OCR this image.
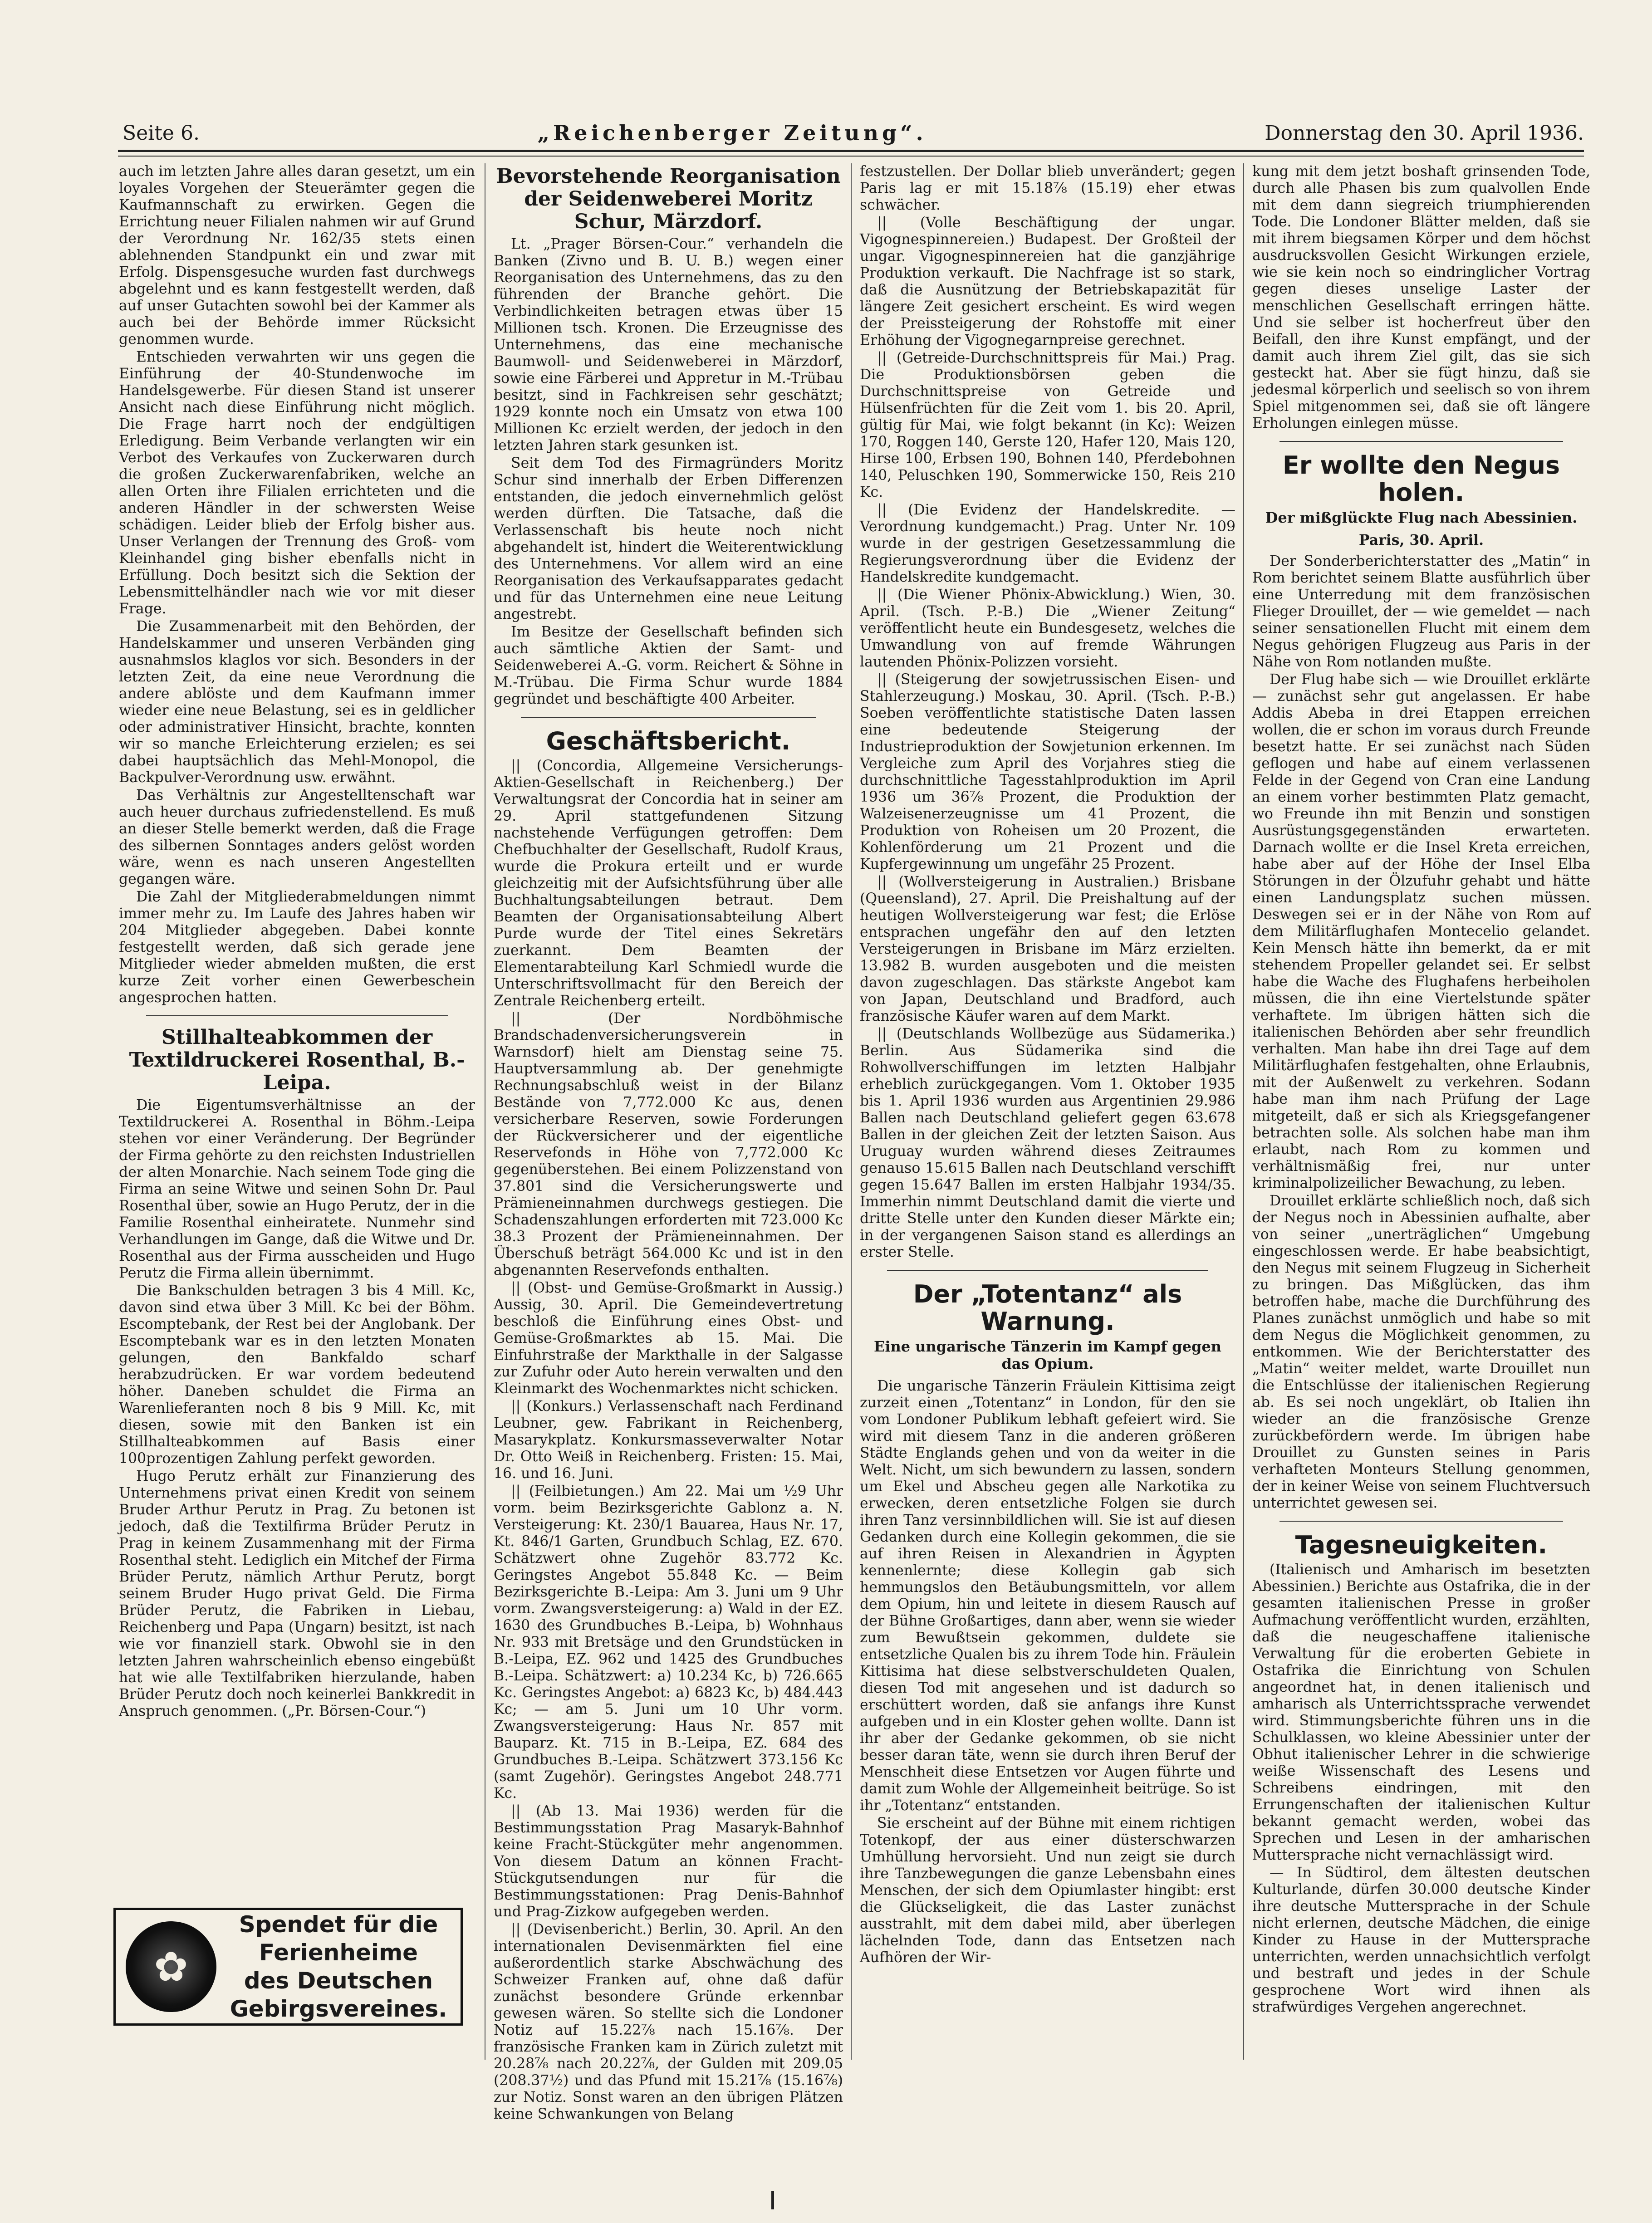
Seite 6.	„Reichenberger Zeitung“.	Donnerstag den 30. April 1936.

auch im letzten Jahre alles daran gesetzt, um ein loyales Vorgehen der Steuerämter gegen die Kaufmannschaft zu erwirken. Gegen die Errichtung neuer Filialen nahmen wir auf Grund der Verordnung Nr. 162/35 stets einen ablehnenden Standpunkt ein und zwar mit Erfolg. Dispensgesuche wurden fast durchwegs abgelehnt und es kann festgestellt werden, daß auf unser Gutachten sowohl bei der Kammer als auch bei der Behörde immer Rücksicht genommen wurde.

Entschieden verwahrten wir uns gegen die Einführung der 40-Stundenwoche im Handelsgewerbe. Für diesen Stand ist unserer Ansicht nach diese Einführung nicht möglich. Die Frage harrt noch der endgültigen Erledigung. Beim Verbande verlangten wir ein Verbot des Verkaufes von Zuckerwaren durch die großen Zuckerwarenfabriken, welche an allen Orten ihre Filialen errichteten und die anderen Händler in der schwersten Weise schädigen. Leider blieb der Erfolg bisher aus. Unser Verlangen der Trennung des Groß- vom Kleinhandel ging bisher ebenfalls nicht in Erfüllung. Doch besitzt sich die Sektion der Lebensmittelhändler nach wie vor mit dieser Frage.

Die Zusammenarbeit mit den Behörden, der Handelskammer und unseren Verbänden ging ausnahmslos klaglos vor sich. Besonders in der letzten Zeit, da eine neue Verordnung die andere ablöste und dem Kaufmann immer wieder eine neue Belastung, sei es in geldlicher oder administrativer Hinsicht, brachte, konnten wir so manche Erleichterung erzielen; es sei dabei hauptsächlich das Mehl-Monopol, die Backpulver-Verordnung usw. erwähnt.

Das Verhältnis zur Angestelltenschaft war auch heuer durchaus zufriedenstellend. Es muß an dieser Stelle bemerkt werden, daß die Frage des silbernen Sonntages anders gelöst worden wäre, wenn es nach unseren Angestellten gegangen wäre.

Die Zahl der Mitgliederabmeldungen nimmt immer mehr zu. Im Laufe des Jahres haben wir 204 Mitglieder abgegeben. Dabei konnte festgestellt werden, daß sich gerade jene Mitglieder wieder abmelden mußten, die erst kurze Zeit vorher einen Gewerbeschein angesprochen hatten.

Stillhalteabkommen der Textildruckerei Rosenthal, B.-Leipa.

Die Eigentumsverhältnisse an der Textildruckerei A. Rosenthal in Böhm.-Leipa stehen vor einer Veränderung. Der Begründer der Firma gehörte zu den reichsten Industriellen der alten Monarchie. Nach seinem Tode ging die Firma an seine Witwe und seinen Sohn Dr. Paul Rosenthal über, sowie an Hugo Perutz, der in die Familie Rosenthal einheiratete. Nunmehr sind Verhandlungen im Gange, daß die Witwe und Dr. Rosenthal aus der Firma ausscheiden und Hugo Perutz die Firma allein übernimmt.

Die Bankschulden betragen 3 bis 4 Mill. Kc, davon sind etwa über 3 Mill. Kc bei der Böhm. Escomptebank, der Rest bei der Anglobank. Der Escomptebank war es in den letzten Monaten gelungen, den Bankfaldo scharf herabzudrücken. Er war vordem bedeutend höher. Daneben schuldet die Firma an Warenlieferanten noch 8 bis 9 Mill. Kc, mit diesen, sowie mit den Banken ist ein Stillhalteabkommen auf Basis einer 100prozentigen Zahlung perfekt geworden.

Hugo Perutz erhält zur Finanzierung des Unternehmens privat einen Kredit von seinem Bruder Arthur Perutz in Prag. Zu betonen ist jedoch, daß die Textilfirma Brüder Perutz in Prag in keinem Zusammenhang mit der Firma Rosenthal steht. Lediglich ein Mitchef der Firma Brüder Perutz, nämlich Arthur Perutz, borgt seinem Bruder Hugo privat Geld. Die Firma Brüder Perutz, die Fabriken in Liebau, Reichenberg und Papa (Ungarn) besitzt, ist nach wie vor finanziell stark. Obwohl sie in den letzten Jahren wahrscheinlich ebenso eingebüßt hat wie alle Textilfabriken hierzulande, haben Brüder Perutz doch noch keinerlei Bankkredit in Anspruch genommen. („Pr. Börsen-Cour.“)

✿
Spendet für die
Ferienheime
des Deutschen
Gebirgsvereines.
Bevorstehende Reorganisation der Seidenweberei Moritz Schur, Märzdorf.

Lt. „Prager Börsen-Cour.“ verhandeln die Banken (Zivno und B. U. B.) wegen einer Reorganisation des Unternehmens, das zu den führenden der Branche gehört. Die Verbindlichkeiten betragen etwas über 15 Millionen tsch. Kronen. Die Erzeugnisse des Unternehmens, das eine mechanische Baumwoll- und Seidenweberei in Märzdorf, sowie eine Färberei und Appretur in M.-Trübau besitzt, sind in Fachkreisen sehr geschätzt; 1929 konnte noch ein Umsatz von etwa 100 Millionen Kc erzielt werden, der jedoch in den letzten Jahren stark gesunken ist.

Seit dem Tod des Firmagründers Moritz Schur sind innerhalb der Erben Differenzen entstanden, die jedoch einvernehmlich gelöst werden dürften. Die Tatsache, daß die Verlassenschaft bis heute noch nicht abgehandelt ist, hindert die Weiterentwicklung des Unternehmens. Vor allem wird an eine Reorganisation des Verkaufsapparates gedacht und für das Unternehmen eine neue Leitung angestrebt.

Im Besitze der Gesellschaft befinden sich auch sämtliche Aktien der Samt- und Seidenweberei A.-G. vorm. Reichert & Söhne in M.-Trübau. Die Firma Schur wurde 1884 gegründet und beschäftigte 400 Arbeiter.

Geschäftsbericht.

|| (Concordia, Allgemeine Versicherungs-Aktien-Gesellschaft in Reichenberg.) Der Verwaltungsrat der Concordia hat in seiner am 29. April stattgefundenen Sitzung nachstehende Verfügungen getroffen: Dem Chefbuchhalter der Gesellschaft, Rudolf Kraus, wurde die Prokura erteilt und er wurde gleichzeitig mit der Aufsichtsführung über alle Buchhaltungsabteilungen betraut. Dem Beamten der Organisationsabteilung Albert Purde wurde der Titel eines Sekretärs zuerkannt. Dem Beamten der Elementarabteilung Karl Schmiedl wurde die Unterschriftsvollmacht für den Bereich der Zentrale Reichenberg erteilt.

|| (Der Nordböhmische Brandschadenversicherungsverein in Warnsdorf) hielt am Dienstag seine 75. Hauptversammlung ab. Der genehmigte Rechnungsabschluß weist in der Bilanz Bestände von 7,772.000 Kc aus, denen versicherbare Reserven, sowie Forderungen der Rückversicherer und der eigentliche Reservefonds in Höhe von 7,772.000 Kc gegenüberstehen. Bei einem Polizzenstand von 37.801 sind die Versicherungswerte und Prämieneinnahmen durchwegs gestiegen. Die Schadenszahlungen erforderten mit 723.000 Kc 38.3 Prozent der Prämieneinnahmen. Der Überschuß beträgt 564.000 Kc und ist in den abgenannten Reservefonds enthalten.

|| (Obst- und Gemüse-Großmarkt in Aussig.) Aussig, 30. April. Die Gemeindevertretung beschloß die Einführung eines Obst- und Gemüse-Großmarktes ab 15. Mai. Die Einfuhrstraße der Markthalle in der Salgasse zur Zufuhr oder Auto herein verwalten und den Kleinmarkt des Wochenmarktes nicht schicken.

|| (Konkurs.) Verlassenschaft nach Ferdinand Leubner, gew. Fabrikant in Reichenberg, Masarykplatz. Konkursmasseverwalter Notar Dr. Otto Weiß in Reichenberg. Fristen: 15. Mai, 16. und 16. Juni.

|| (Feilbietungen.) Am 22. Mai um ½9 Uhr vorm. beim Bezirksgerichte Gablonz a. N. Versteigerung: Kt. 230/1 Bauarea, Haus Nr. 17, Kt. 846/1 Garten, Grundbuch Schlag, EZ. 670. Schätzwert ohne Zugehör 83.772 Kc. Geringstes Angebot 55.848 Kc. — Beim Bezirksgerichte B.-Leipa: Am 3. Juni um 9 Uhr vorm. Zwangsversteigerung: a) Wald in der EZ. 1630 des Grundbuches B.-Leipa, b) Wohnhaus Nr. 933 mit Bretsäge und den Grundstücken in B.-Leipa, EZ. 962 und 1425 des Grundbuches B.-Leipa. Schätzwert: a) 10.234 Kc, b) 726.665 Kc. Geringstes Angebot: a) 6823 Kc, b) 484.443 Kc; — am 5. Juni um 10 Uhr vorm. Zwangsversteigerung: Haus Nr. 857 mit Bauparz. Kt. 715 in B.-Leipa, EZ. 684 des Grundbuches B.-Leipa. Schätzwert 373.156 Kc (samt Zugehör). Geringstes Angebot 248.771 Kc.

|| (Ab 13. Mai 1936) werden für die Bestimmungsstation Prag Masaryk-Bahnhof keine Fracht-Stückgüter mehr angenommen. Von diesem Datum an können Fracht-Stückgutsendungen nur für die Bestimmungsstationen: Prag Denis-Bahnhof und Prag-Zizkow aufgegeben werden.

|| (Devisenbericht.) Berlin, 30. April. An den internationalen Devisenmärkten fiel eine außerordentlich starke Abschwächung des Schweizer Franken auf, ohne daß dafür zunächst besondere Gründe erkennbar gewesen wären. So stellte sich die Londoner Notiz auf 15.22⅞ nach 15.16⅞. Der französische Franken kam in Zürich zuletzt mit 20.28⅞ nach 20.22⅞, der Gulden mit 209.05 (208.37½) und das Pfund mit 15.21⅞ (15.16⅞) zur Notiz. Sonst waren an den übrigen Plätzen keine Schwankungen von Belang

festzustellen. Der Dollar blieb unverändert; gegen Paris lag er mit 15.18⅞ (15.19) eher etwas schwächer.

|| (Volle Beschäftigung der ungar. Vigognespinnereien.) Budapest. Der Großteil der ungar. Vigognespinnereien hat die ganzjährige Produktion verkauft. Die Nachfrage ist so stark, daß die Ausnützung der Betriebskapazität für längere Zeit gesichert erscheint. Es wird wegen der Preissteigerung der Rohstoffe mit einer Erhöhung der Vigognegarnpreise gerechnet.

|| (Getreide-Durchschnittspreis für Mai.) Prag. Die Produktionsbörsen geben die Durchschnittspreise von Getreide und Hülsenfrüchten für die Zeit vom 1. bis 20. April, gültig für Mai, wie folgt bekannt (in Kc): Weizen 170, Roggen 140, Gerste 120, Hafer 120, Mais 120, Hirse 100, Erbsen 190, Bohnen 140, Pferdebohnen 140, Peluschken 190, Sommerwicke 150, Reis 210 Kc.

|| (Die Evidenz der Handelskredite. — Verordnung kundgemacht.) Prag. Unter Nr. 109 wurde in der gestrigen Gesetzessammlung die Regierungsverordnung über die Evidenz der Handelskredite kundgemacht.

|| (Die Wiener Phönix-Abwicklung.) Wien, 30. April. (Tsch. P.-B.) Die „Wiener Zeitung“ veröffentlicht heute ein Bundesgesetz, welches die Umwandlung von auf fremde Währungen lautenden Phönix-Polizzen vorsieht.

|| (Steigerung der sowjetrussischen Eisen- und Stahlerzeugung.) Moskau, 30. April. (Tsch. P.-B.) Soeben veröffentlichte statistische Daten lassen eine bedeutende Steigerung der Industrieproduktion der Sowjetunion erkennen. Im Vergleiche zum April des Vorjahres stieg die durchschnittliche Tagesstahlproduktion im April 1936 um 36⅞ Prozent, die Produktion der Walzeisenerzeugnisse um 41 Prozent, die Produktion von Roheisen um 20 Prozent, die Kohlenförderung um 21 Prozent und die Kupfergewinnung um ungefähr 25 Prozent.

|| (Wollversteigerung in Australien.) Brisbane (Queensland), 27. April. Die Preishaltung auf der heutigen Wollversteigerung war fest; die Erlöse entsprachen ungefähr den auf den letzten Versteigerungen in Brisbane im März erzielten. 13.982 B. wurden ausgeboten und die meisten davon zugeschlagen. Das stärkste Angebot kam von Japan, Deutschland und Bradford, auch französische Käufer waren auf dem Markt.

|| (Deutschlands Wollbezüge aus Südamerika.) Berlin. Aus Südamerika sind die Rohwollverschiffungen im letzten Halbjahr erheblich zurückgegangen. Vom 1. Oktober 1935 bis 1. April 1936 wurden aus Argentinien 29.986 Ballen nach Deutschland geliefert gegen 63.678 Ballen in der gleichen Zeit der letzten Saison. Aus Uruguay wurden während dieses Zeitraumes genauso 15.615 Ballen nach Deutschland verschifft gegen 15.647 Ballen im ersten Halbjahr 1934/35. Immerhin nimmt Deutschland damit die vierte und dritte Stelle unter den Kunden dieser Märkte ein; in der vergangenen Saison stand es allerdings an erster Stelle.

Der „Totentanz“ als Warnung.
Eine ungarische Tänzerin im Kampf gegen das Opium.

Die ungarische Tänzerin Fräulein Kittisima zeigt zurzeit einen „Totentanz“ in London, für den sie vom Londoner Publikum lebhaft gefeiert wird. Sie wird mit diesem Tanz in die anderen größeren Städte Englands gehen und von da weiter in die Welt. Nicht, um sich bewundern zu lassen, sondern um Ekel und Abscheu gegen alle Narkotika zu erwecken, deren entsetzliche Folgen sie durch ihren Tanz versinnbildlichen will. Sie ist auf diesen Gedanken durch eine Kollegin gekommen, die sie auf ihren Reisen in Alexandrien in Ägypten kennenlernte; diese Kollegin gab sich hemmungslos den Betäubungsmitteln, vor allem dem Opium, hin und leitete in diesem Rausch auf der Bühne Großartiges, dann aber, wenn sie wieder zum Bewußtsein gekommen, duldete sie entsetzliche Qualen bis zu ihrem Tode hin. Fräulein Kittisima hat diese selbstverschuldeten Qualen, diesen Tod mit angesehen und ist dadurch so erschüttert worden, daß sie anfangs ihre Kunst aufgeben und in ein Kloster gehen wollte. Dann ist ihr aber der Gedanke gekommen, ob sie nicht besser daran täte, wenn sie durch ihren Beruf der Menschheit diese Entsetzen vor Augen führte und damit zum Wohle der Allgemeinheit beitrüge. So ist ihr „Totentanz“ entstanden.

Sie erscheint auf der Bühne mit einem richtigen Totenkopf, der aus einer düsterschwarzen Umhüllung hervorsieht. Und nun zeigt sie durch ihre Tanzbewegungen die ganze Lebensbahn eines Menschen, der sich dem Opiumlaster hingibt: erst die Glückseligkeit, die das Laster zunächst ausstrahlt, mit dem dabei mild, aber überlegen lächelnden Tode, dann das Entsetzen nach Aufhören der Wir-

kung mit dem jetzt boshaft grinsenden Tode, durch alle Phasen bis zum qualvollen Ende mit dem dann siegreich triumphierenden Tode. Die Londoner Blätter melden, daß sie mit ihrem biegsamen Körper und dem höchst ausdrucksvollen Gesicht Wirkungen erziele, wie sie kein noch so eindringlicher Vortrag gegen dieses unselige Laster der menschlichen Gesellschaft erringen hätte. Und sie selber ist hocherfreut über den Beifall, den ihre Kunst empfängt, und der damit auch ihrem Ziel gilt, das sie sich gesteckt hat. Aber sie fügt hinzu, daß sie jedesmal körperlich und seelisch so von ihrem Spiel mitgenommen sei, daß sie oft längere Erholungen einlegen müsse.

Er wollte den Negus holen.
Der mißglückte Flug nach Abessinien.
Paris, 30. April.

Der Sonderberichterstatter des „Matin“ in Rom berichtet seinem Blatte ausführlich über eine Unterredung mit dem französischen Flieger Drouillet, der — wie gemeldet — nach seiner sensationellen Flucht mit einem dem Negus gehörigen Flugzeug aus Paris in der Nähe von Rom notlanden mußte.

Der Flug habe sich — wie Drouillet erklärte — zunächst sehr gut angelassen. Er habe Addis Abeba in drei Etappen erreichen wollen, die er schon im voraus durch Freunde besetzt hatte. Er sei zunächst nach Süden geflogen und habe auf einem verlassenen Felde in der Gegend von Cran eine Landung an einem vorher bestimmten Platz gemacht, wo Freunde ihn mit Benzin und sonstigen Ausrüstungsgegenständen erwarteten. Darnach wollte er die Insel Kreta erreichen, habe aber auf der Höhe der Insel Elba Störungen in der Ölzufuhr gehabt und hätte einen Landungsplatz suchen müssen. Deswegen sei er in der Nähe von Rom auf dem Militärflughafen Montecelio gelandet. Kein Mensch hätte ihn bemerkt, da er mit stehendem Propeller gelandet sei. Er selbst habe die Wache des Flughafens herbeiholen müssen, die ihn eine Viertelstunde später verhaftete. Im übrigen hätten sich die italienischen Behörden aber sehr freundlich verhalten. Man habe ihn drei Tage auf dem Militärflughafen festgehalten, ohne Erlaubnis, mit der Außenwelt zu verkehren. Sodann habe man ihm nach Prüfung der Lage mitgeteilt, daß er sich als Kriegsgefangener betrachten solle. Als solchen habe man ihm erlaubt, nach Rom zu kommen und verhältnismäßig frei, nur unter kriminalpolizeilicher Bewachung, zu leben.

Drouillet erklärte schließlich noch, daß sich der Negus noch in Abessinien aufhalte, aber von seiner „unerträglichen“ Umgebung eingeschlossen werde. Er habe beabsichtigt, den Negus mit seinem Flugzeug in Sicherheit zu bringen. Das Mißglücken, das ihm betroffen habe, mache die Durchführung des Planes zunächst unmöglich und habe so mit dem Negus die Möglichkeit genommen, zu entkommen. Wie der Berichterstatter des „Matin“ weiter meldet, warte Drouillet nun die Entschlüsse der italienischen Regierung ab. Es sei noch ungeklärt, ob Italien ihn wieder an die französische Grenze zurückbefördern werde. Im übrigen habe Drouillet zu Gunsten seines in Paris verhafteten Monteurs Stellung genommen, der in keiner Weise von seinem Fluchtversuch unterrichtet gewesen sei.

Tagesneuigkeiten.

(Italienisch und Amharisch im besetzten Abessinien.) Berichte aus Ostafrika, die in der gesamten italienischen Presse in großer Aufmachung veröffentlicht wurden, erzählten, daß die neugeschaffene italienische Verwaltung für die eroberten Gebiete in Ostafrika die Einrichtung von Schulen angeordnet hat, in denen italienisch und amharisch als Unterrichtssprache verwendet wird. Stimmungsberichte führen uns in die Schulklassen, wo kleine Abessinier unter der Obhut italienischer Lehrer in die schwierige weiße Wissenschaft des Lesens und Schreibens eindringen, mit den Errungenschaften der italienischen Kultur bekannt gemacht werden, wobei das Sprechen und Lesen in der amharischen Muttersprache nicht vernachlässigt wird.

— In Südtirol, dem ältesten deutschen Kulturlande, dürfen 30.000 deutsche Kinder ihre deutsche Muttersprache in der Schule nicht erlernen, deutsche Mädchen, die einige Kinder zu Hause in der Muttersprache unterrichten, werden unnachsichtlich verfolgt und bestraft und jedes in der Schule gesprochene Wort wird ihnen als strafwürdiges Vergehen angerechnet.
